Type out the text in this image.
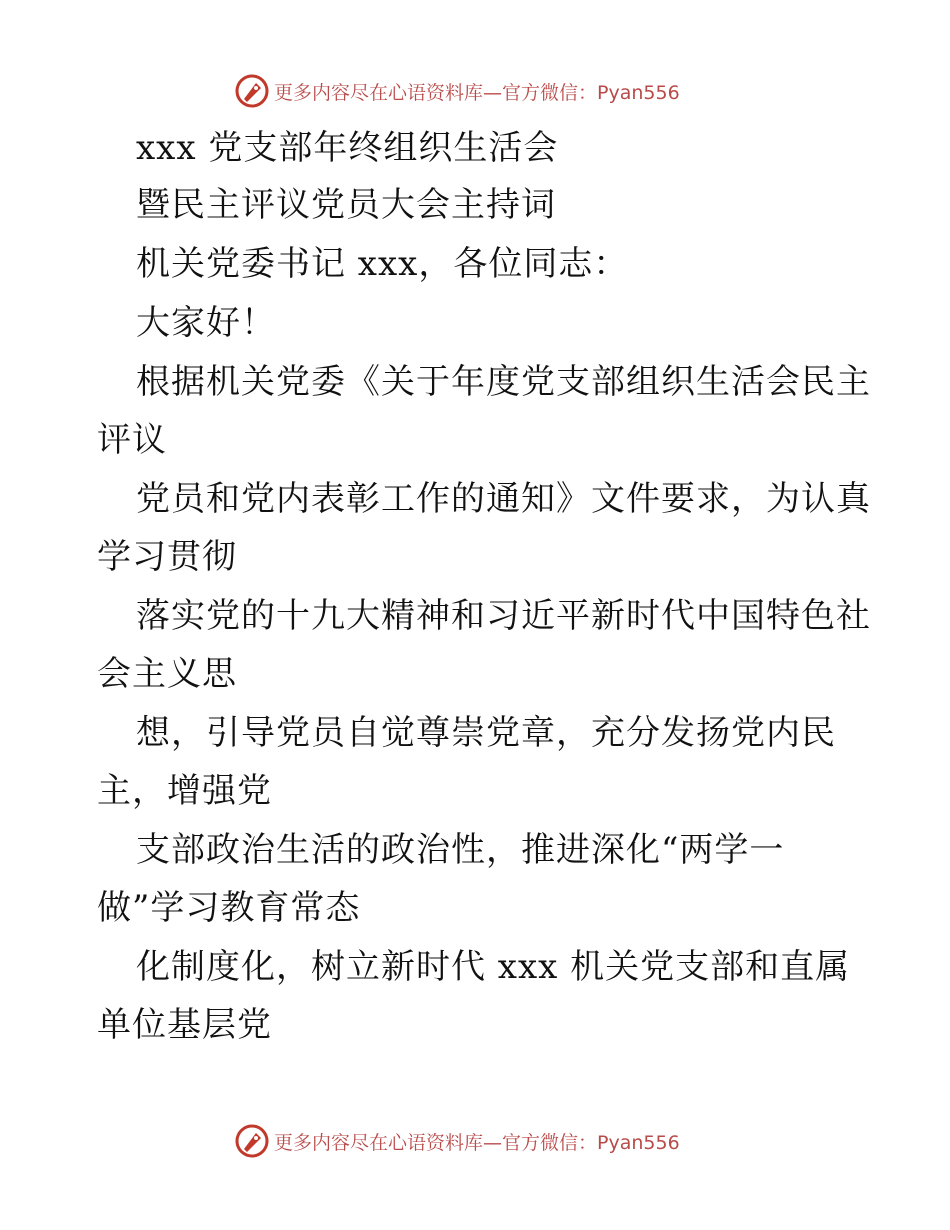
更多内容尽在心语资料库—官方微信：Pyan556
xxx 党支部年终组织生活会
暨民主评议党员大会主持词
机关党委书记 xxx，各位同志：
大家好！
根据机关党委《关于年度党支部组织生活会民主
评议
党员和党内表彰工作的通知》文件要求，为认真
学习贯彻
落实党的十九大精神和习近平新时代中国特色社
会主义思
想，引导党员自觉尊崇党章，充分发扬党内民
主，增强党
支部政治生活的政治性，推进深化“两学一
做”学习教育常态
化制度化，树立新时代 xxx 机关党支部和直属
单位基层党
更多内容尽在心语资料库—官方微信：Pyan556
